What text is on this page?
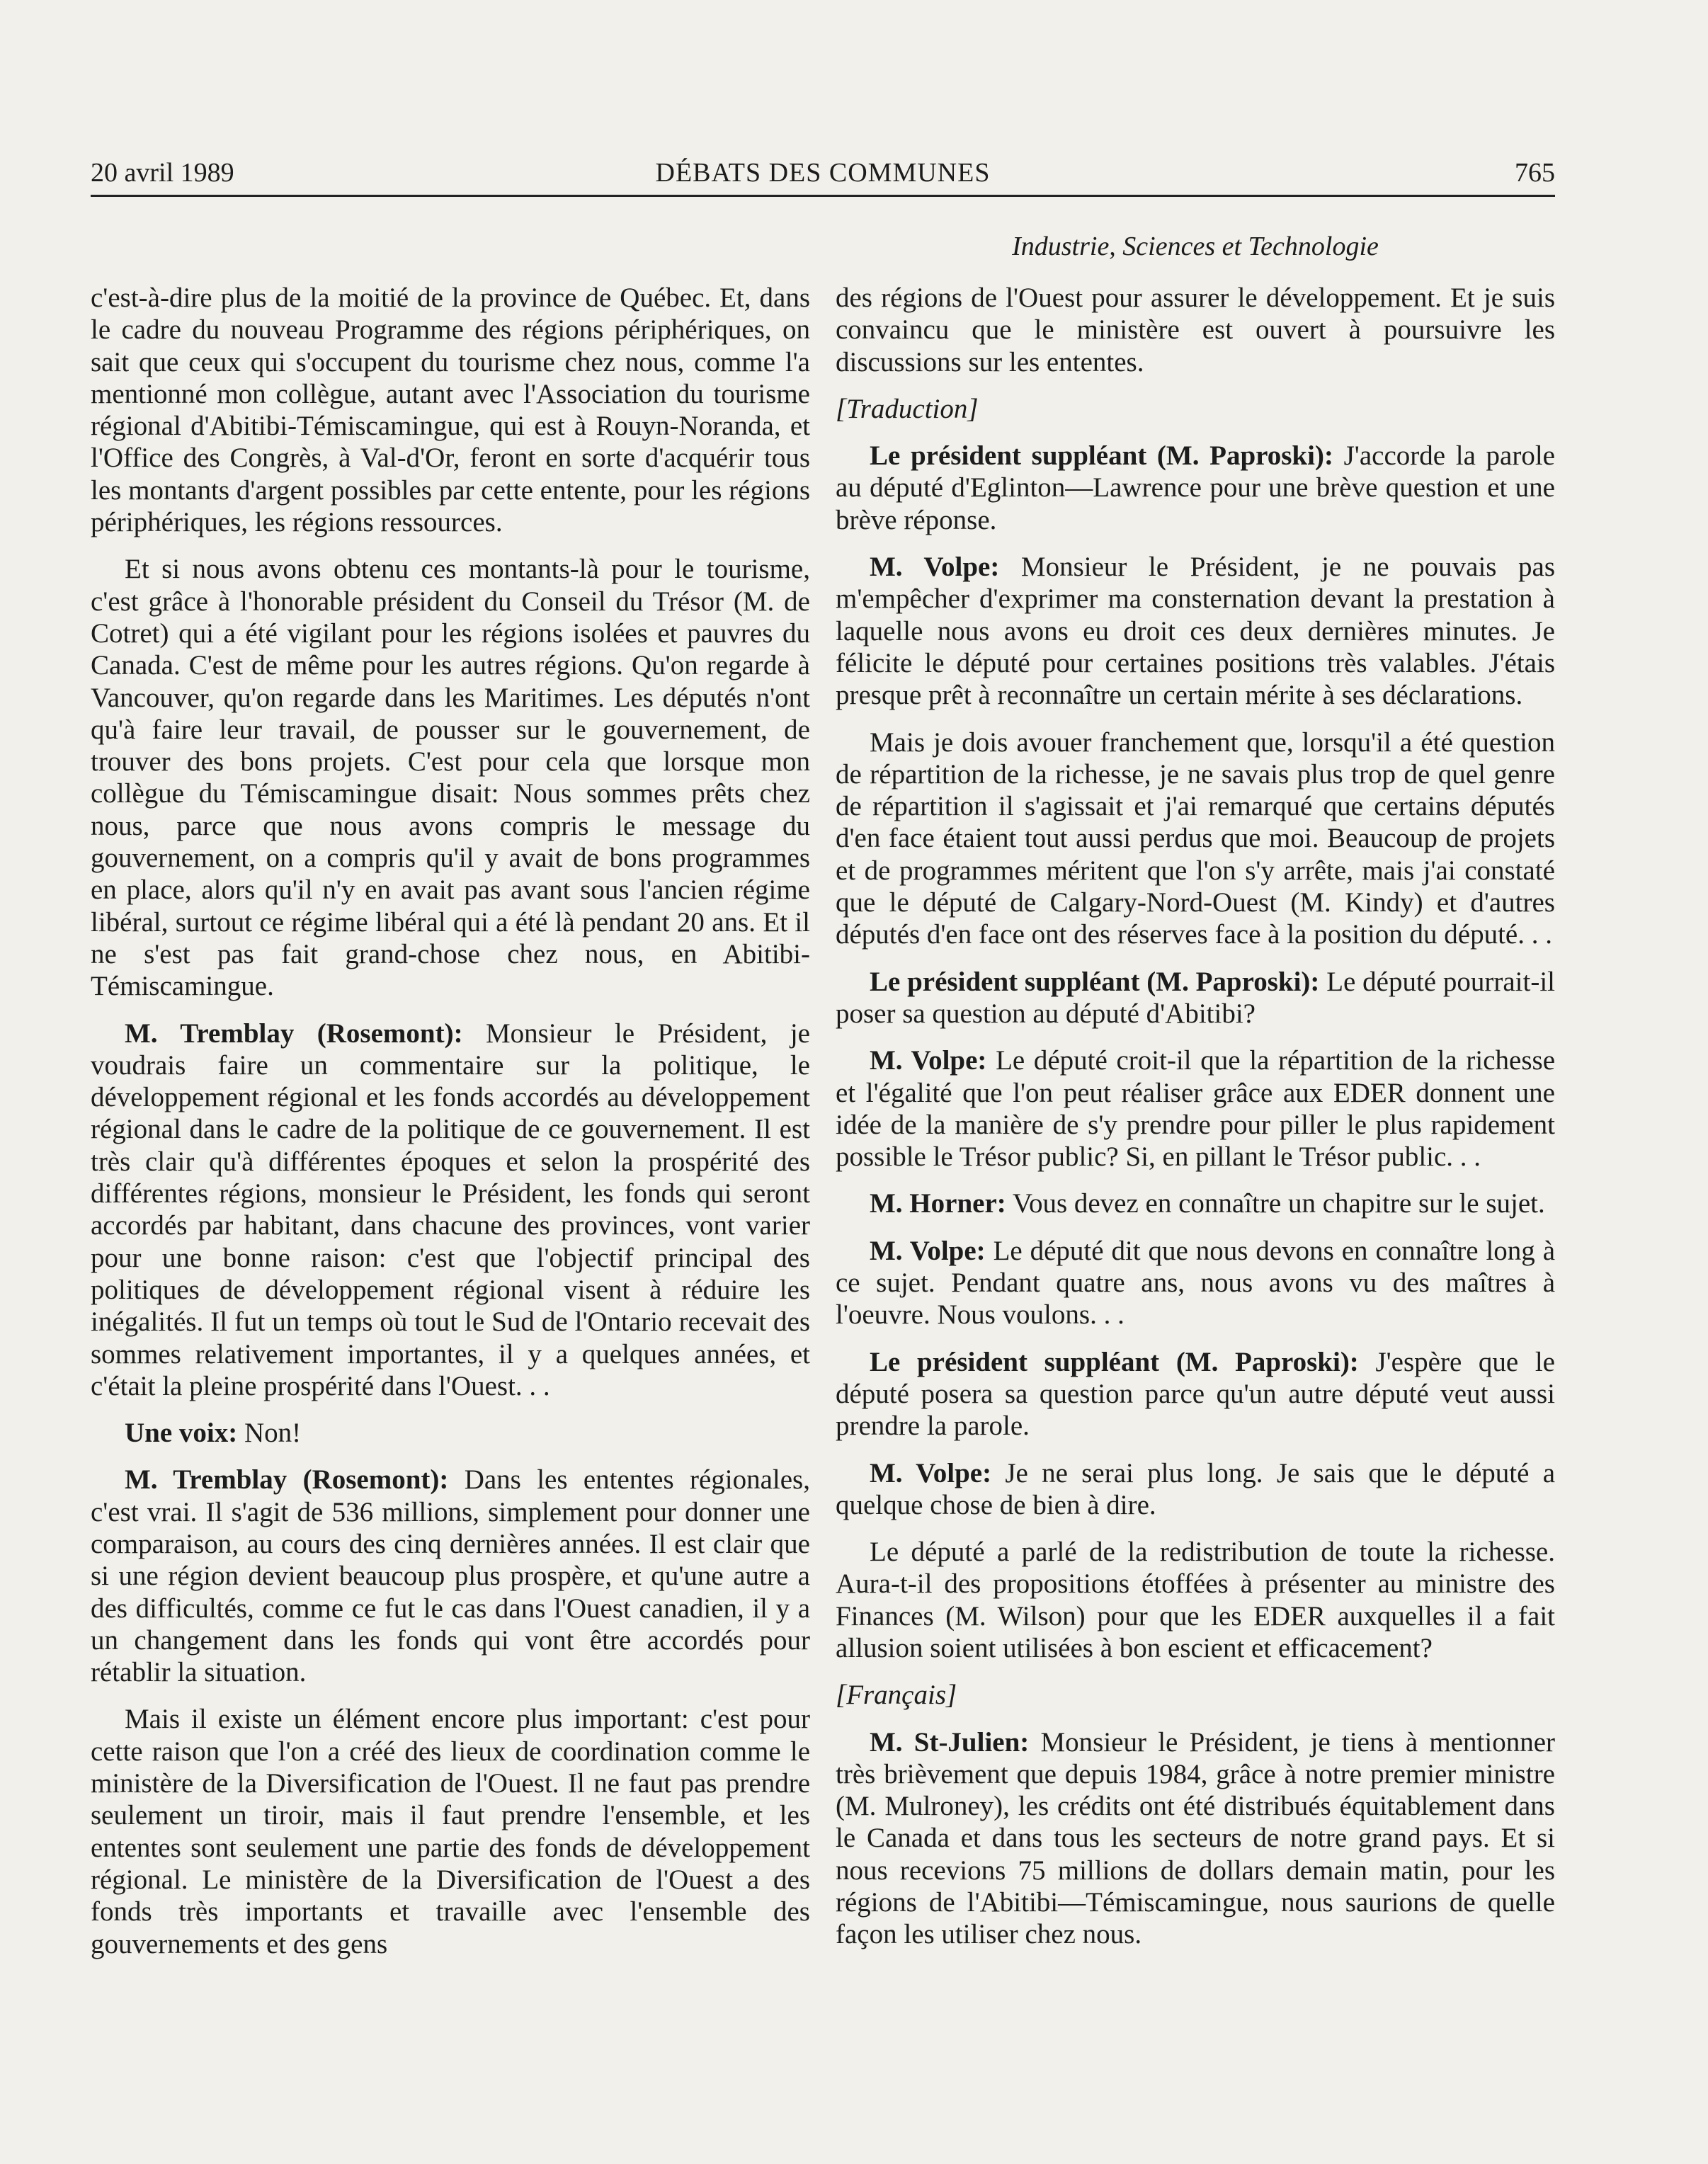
20 avril 1989	DÉBATS DES COMMUNES	765
Industrie, Sciences et Technologie

c'est-à-dire plus de la moitié de la province de Québec. Et, dans le cadre du nouveau Programme des régions périphériques, on sait que ceux qui s'occupent du tourisme chez nous, comme l'a mentionné mon collègue, autant avec l'Association du tourisme régional d'Abitibi-Témiscamingue, qui est à Rouyn-Noranda, et l'Office des Congrès, à Val-d'Or, feront en sorte d'acquérir tous les montants d'argent possibles par cette entente, pour les régions périphériques, les régions ressources.

Et si nous avons obtenu ces montants-là pour le tourisme, c'est grâce à l'honorable président du Conseil du Trésor (M. de Cotret) qui a été vigilant pour les régions isolées et pauvres du Canada. C'est de même pour les autres régions. Qu'on regarde à Vancouver, qu'on regarde dans les Maritimes. Les députés n'ont qu'à faire leur travail, de pousser sur le gouvernement, de trouver des bons projets. C'est pour cela que lorsque mon collègue du Témiscamingue disait: Nous sommes prêts chez nous, parce que nous avons compris le message du gouvernement, on a compris qu'il y avait de bons programmes en place, alors qu'il n'y en avait pas avant sous l'ancien régime libéral, surtout ce régime libéral qui a été là pendant 20 ans. Et il ne s'est pas fait grand-chose chez nous, en Abitibi-Témiscamingue.

M. Tremblay (Rosemont): Monsieur le Président, je voudrais faire un commentaire sur la politique, le développement régional et les fonds accordés au développement régional dans le cadre de la politique de ce gouvernement. Il est très clair qu'à différentes époques et selon la prospérité des différentes régions, monsieur le Président, les fonds qui seront accordés par habitant, dans chacune des provinces, vont varier pour une bonne raison: c'est que l'objectif principal des politiques de développement régional visent à réduire les inégalités. Il fut un temps où tout le Sud de l'Ontario recevait des sommes relativement importantes, il y a quelques années, et c'était la pleine prospérité dans l'Ouest. . .

Une voix: Non!

M. Tremblay (Rosemont): Dans les ententes régionales, c'est vrai. Il s'agit de 536 millions, simplement pour donner une comparaison, au cours des cinq dernières années. Il est clair que si une région devient beaucoup plus prospère, et qu'une autre a des difficultés, comme ce fut le cas dans l'Ouest canadien, il y a un changement dans les fonds qui vont être accordés pour rétablir la situation.

Mais il existe un élément encore plus important: c'est pour cette raison que l'on a créé des lieux de coordination comme le ministère de la Diversification de l'Ouest. Il ne faut pas prendre seulement un tiroir, mais il faut prendre l'ensemble, et les ententes sont seulement une partie des fonds de développement régional. Le ministère de la Diversification de l'Ouest a des fonds très importants et travaille avec l'ensemble des gouvernements et des gens

des régions de l'Ouest pour assurer le développement. Et je suis convaincu que le ministère est ouvert à poursuivre les discussions sur les ententes.

[Traduction]

Le président suppléant (M. Paproski): J'accorde la parole au député d'Eglinton—Lawrence pour une brève question et une brève réponse.

M. Volpe: Monsieur le Président, je ne pouvais pas m'empêcher d'exprimer ma consternation devant la prestation à laquelle nous avons eu droit ces deux dernières minutes. Je félicite le député pour certaines positions très valables. J'étais presque prêt à reconnaître un certain mérite à ses déclarations.

Mais je dois avouer franchement que, lorsqu'il a été question de répartition de la richesse, je ne savais plus trop de quel genre de répartition il s'agissait et j'ai remarqué que certains députés d'en face étaient tout aussi perdus que moi. Beaucoup de projets et de programmes méritent que l'on s'y arrête, mais j'ai constaté que le député de Calgary-Nord-Ouest (M. Kindy) et d'autres députés d'en face ont des réserves face à la position du député. . .

Le président suppléant (M. Paproski): Le député pourrait-il poser sa question au député d'Abitibi?

M. Volpe: Le député croit-il que la répartition de la richesse et l'égalité que l'on peut réaliser grâce aux EDER donnent une idée de la manière de s'y prendre pour piller le plus rapidement possible le Trésor public? Si, en pillant le Trésor public. . .

M. Horner: Vous devez en connaître un chapitre sur le sujet.

M. Volpe: Le député dit que nous devons en connaître long à ce sujet. Pendant quatre ans, nous avons vu des maîtres à l'oeuvre. Nous voulons. . .

Le président suppléant (M. Paproski): J'espère que le député posera sa question parce qu'un autre député veut aussi prendre la parole.

M. Volpe: Je ne serai plus long. Je sais que le député a quelque chose de bien à dire.

Le député a parlé de la redistribution de toute la richesse. Aura-t-il des propositions étoffées à présenter au ministre des Finances (M. Wilson) pour que les EDER auxquelles il a fait allusion soient utilisées à bon escient et efficacement?

[Français]

M. St-Julien: Monsieur le Président, je tiens à mentionner très brièvement que depuis 1984, grâce à notre premier ministre (M. Mulroney), les crédits ont été distribués équitablement dans le Canada et dans tous les secteurs de notre grand pays. Et si nous recevions 75 millions de dollars demain matin, pour les régions de l'Abitibi—Témiscamingue, nous saurions de quelle façon les utiliser chez nous.
